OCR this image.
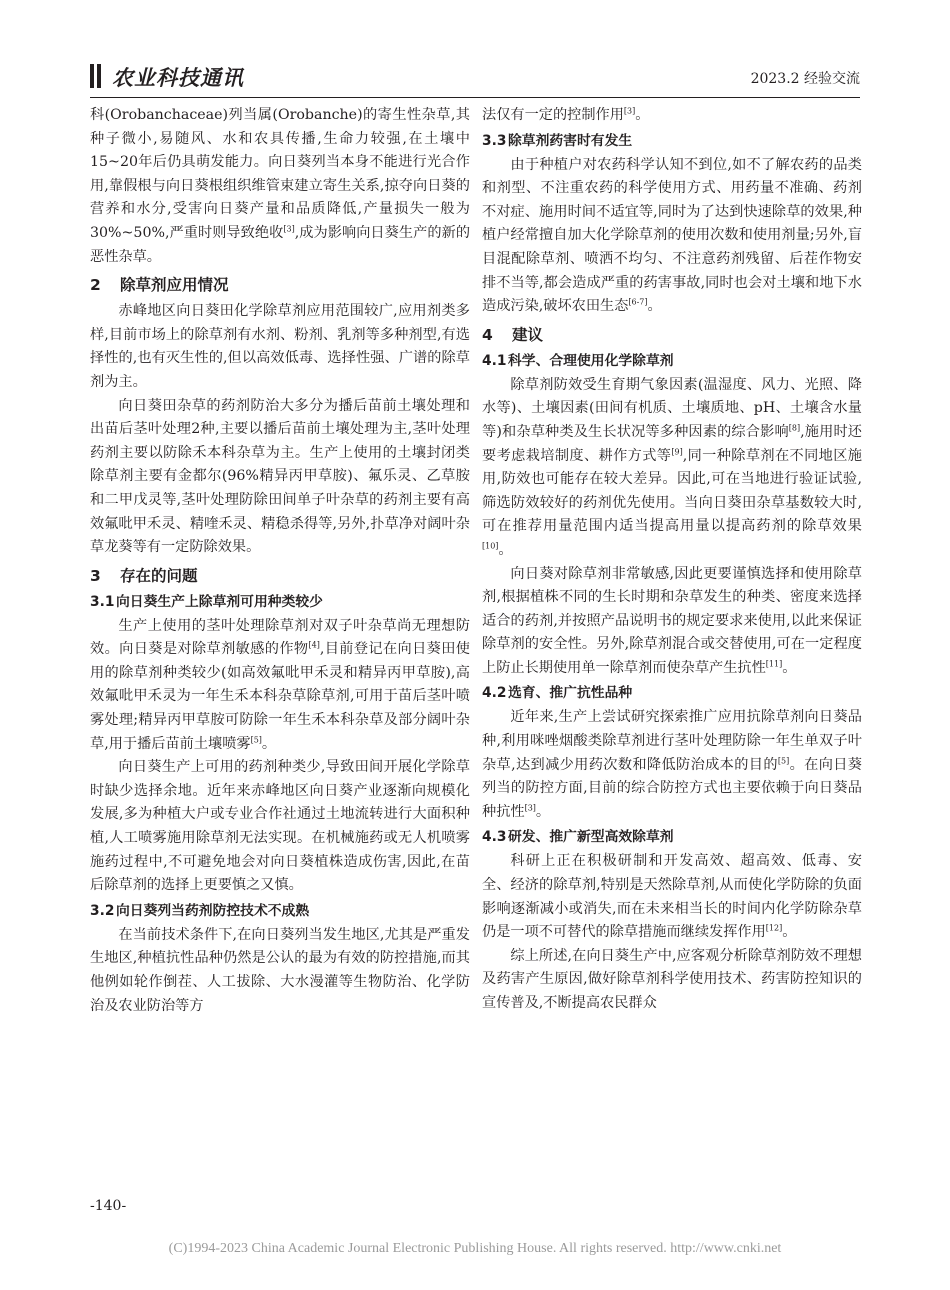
农业科技通讯	2023.2 经验交流

科(Orobanchaceae)列当属(Orobanche)的寄生性杂草,其种子微小,易随风、水和农具传播,生命力较强,在土壤中15~20年后仍具萌发能力。向日葵列当本身不能进行光合作用,靠假根与向日葵根组织维管束建立寄生关系,掠夺向日葵的营养和水分,受害向日葵产量和品质降低,产量损失一般为30%~50%,严重时则导致绝收[3],成为影响向日葵生产的新的恶性杂草。

2 除草剂应用情况

赤峰地区向日葵田化学除草剂应用范围较广,应用剂类多样,目前市场上的除草剂有水剂、粉剂、乳剂等多种剂型,有选择性的,也有灭生性的,但以高效低毒、选择性强、广谱的除草剂为主。

向日葵田杂草的药剂防治大多分为播后苗前土壤处理和出苗后茎叶处理2种,主要以播后苗前土壤处理为主,茎叶处理药剂主要以防除禾本科杂草为主。生产上使用的土壤封闭类除草剂主要有金都尔(96%精异丙甲草胺)、氟乐灵、乙草胺和二甲戊灵等,茎叶处理防除田间单子叶杂草的药剂主要有高效氟吡甲禾灵、精喹禾灵、精稳杀得等,另外,扑草净对阔叶杂草龙葵等有一定防除效果。

3 存在的问题
3.1 向日葵生产上除草剂可用种类较少

生产上使用的茎叶处理除草剂对双子叶杂草尚无理想防效。向日葵是对除草剂敏感的作物[4],目前登记在向日葵田使用的除草剂种类较少(如高效氟吡甲禾灵和精异丙甲草胺),高效氟吡甲禾灵为一年生禾本科杂草除草剂,可用于苗后茎叶喷雾处理;精异丙甲草胺可防除一年生禾本科杂草及部分阔叶杂草,用于播后苗前土壤喷雾[5]。

向日葵生产上可用的药剂种类少,导致田间开展化学除草时缺少选择余地。近年来赤峰地区向日葵产业逐渐向规模化发展,多为种植大户或专业合作社通过土地流转进行大面积种植,人工喷雾施用除草剂无法实现。在机械施药或无人机喷雾施药过程中,不可避免地会对向日葵植株造成伤害,因此,在苗后除草剂的选择上更要慎之又慎。

3.2 向日葵列当药剂防控技术不成熟

在当前技术条件下,在向日葵列当发生地区,尤其是严重发生地区,种植抗性品种仍然是公认的最为有效的防控措施,而其他例如轮作倒茬、人工拔除、大水漫灌等生物防治、化学防治及农业防治等方

法仅有一定的控制作用[3]。

3.3 除草剂药害时有发生

由于种植户对农药科学认知不到位,如不了解农药的品类和剂型、不注重农药的科学使用方式、用药量不准确、药剂不对症、施用时间不适宜等,同时为了达到快速除草的效果,种植户经常擅自加大化学除草剂的使用次数和使用剂量;另外,盲目混配除草剂、喷洒不均匀、不注意药剂残留、后茬作物安排不当等,都会造成严重的药害事故,同时也会对土壤和地下水造成污染,破坏农田生态[6-7]。

4 建议
4.1 科学、合理使用化学除草剂

除草剂防效受生育期气象因素(温湿度、风力、光照、降水等)、土壤因素(田间有机质、土壤质地、pH、土壤含水量等)和杂草种类及生长状况等多种因素的综合影响[8],施用时还要考虑栽培制度、耕作方式等[9],同一种除草剂在不同地区施用,防效也可能存在较大差异。因此,可在当地进行验证试验,筛选防效较好的药剂优先使用。当向日葵田杂草基数较大时,可在推荐用量范围内适当提高用量以提高药剂的除草效果[10]。

向日葵对除草剂非常敏感,因此更要谨慎选择和使用除草剂,根据植株不同的生长时期和杂草发生的种类、密度来选择适合的药剂,并按照产品说明书的规定要求来使用,以此来保证除草剂的安全性。另外,除草剂混合或交替使用,可在一定程度上防止长期使用单一除草剂而使杂草产生抗性[11]。

4.2 选育、推广抗性品种

近年来,生产上尝试研究探索推广应用抗除草剂向日葵品种,利用咪唑烟酸类除草剂进行茎叶处理防除一年生单双子叶杂草,达到减少用药次数和降低防治成本的目的[5]。在向日葵列当的防控方面,目前的综合防控方式也主要依赖于向日葵品种抗性[3]。

4.3 研发、推广新型高效除草剂

科研上正在积极研制和开发高效、超高效、低毒、安全、经济的除草剂,特别是天然除草剂,从而使化学防除的负面影响逐渐减小或消失,而在未来相当长的时间内化学防除杂草仍是一项不可替代的除草措施而继续发挥作用[12]。

综上所述,在向日葵生产中,应客观分析除草剂防效不理想及药害产生原因,做好除草剂科学使用技术、药害防控知识的宣传普及,不断提高农民群众

-140-
(C)1994-2023 China Academic Journal Electronic Publishing House. All rights reserved. http://www.cnki.net
